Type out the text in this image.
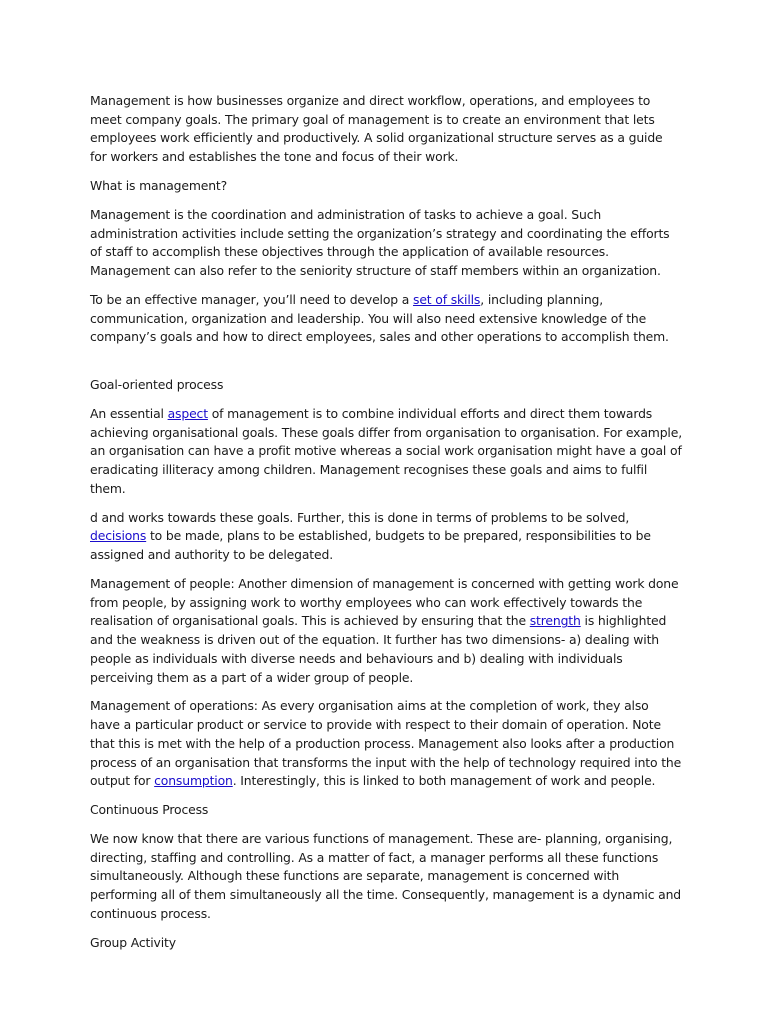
Management is how businesses organize and direct workflow, operations, and employees to meet company goals. The primary goal of management is to create an environment that lets employees work efficiently and productively. A solid organizational structure serves as a guide for workers and establishes the tone and focus of their work.

What is management?

Management is the coordination and administration of tasks to achieve a goal. Such administration activities include setting the organization’s strategy and coordinating the efforts of staff to accomplish these objectives through the application of available resources. Management can also refer to the seniority structure of staff members within an organization.

To be an effective manager, you’ll need to develop a set of skills, including planning, communication, organization and leadership. You will also need extensive knowledge of the company’s goals and how to direct employees, sales and other operations to accomplish them.

Goal-oriented process

An essential aspect of management is to combine individual efforts and direct them towards achieving organisational goals. These goals differ from organisation to organisation. For example, an organisation can have a profit motive whereas a social work organisation might have a goal of eradicating illiteracy among children. Management recognises these goals and aims to fulfil them.

d and works towards these goals. Further, this is done in terms of problems to be solved, decisions to be made, plans to be established, budgets to be prepared, responsibilities to be assigned and authority to be delegated.

Management of people: Another dimension of management is concerned with getting work done from people, by assigning work to worthy employees who can work effectively towards the realisation of organisational goals. This is achieved by ensuring that the strength is highlighted and the weakness is driven out of the equation. It further has two dimensions- a) dealing with people as individuals with diverse needs and behaviours and b) dealing with individuals perceiving them as a part of a wider group of people.

Management of operations: As every organisation aims at the completion of work, they also have a particular product or service to provide with respect to their domain of operation. Note that this is met with the help of a production process. Management also looks after a production process of an organisation that transforms the input with the help of technology required into the output for consumption. Interestingly, this is linked to both management of work and people.

Continuous Process

We now know that there are various functions of management. These are- planning, organising, directing, staffing and controlling. As a matter of fact, a manager performs all these functions simultaneously. Although these functions are separate, management is concerned with performing all of them simultaneously all the time. Consequently, management is a dynamic and continuous process.

Group Activity
